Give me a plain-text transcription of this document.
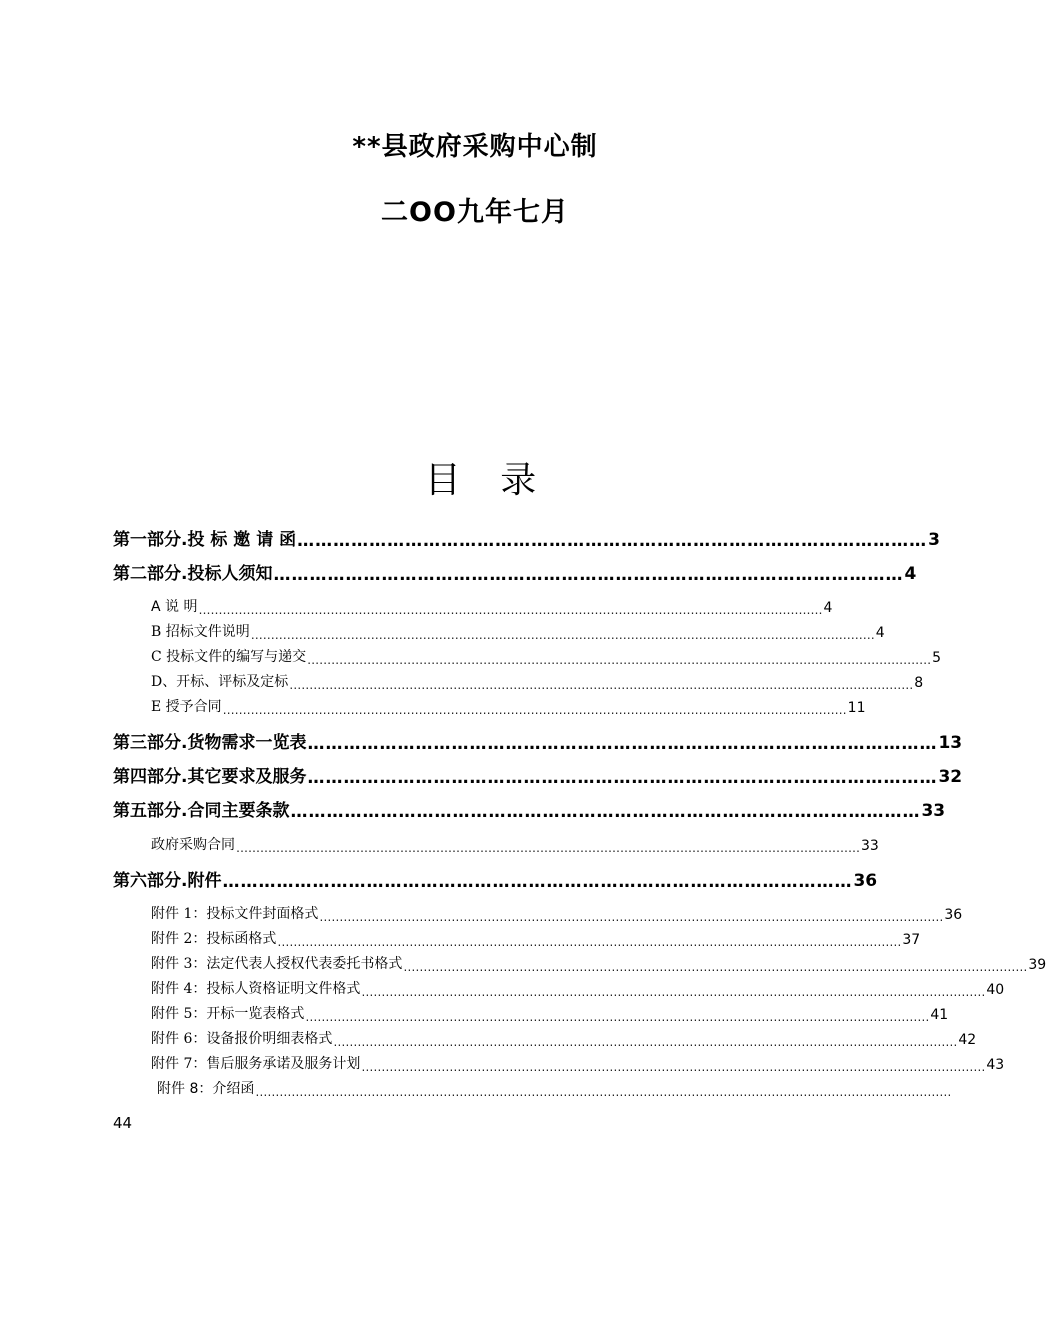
**县政府采购中心制
二OO九年七月
目 录
第一部分. 投 标 邀 请 函 …………………………………………………………………………………………… 3
第二部分. 投标人须知 …………………………………………………………………………………………… 4
A 说 明 ………………………………………………………………………………………………………………………………………… 4
B 招标文件说明 ………………………………………………………………………………………………………………………………………… 4
C 投标文件的编写与递交 ………………………………………………………………………………………………………………………………………… 5
D、开标、评标及定标 ………………………………………………………………………………………………………………………………………… 8
E 授予合同 ………………………………………………………………………………………………………………………………………… 11
第三部分. 货物需求一览表 …………………………………………………………………………………………… 13
第四部分. 其它要求及服务 …………………………………………………………………………………………… 32
第五部分. 合同主要条款 …………………………………………………………………………………………… 33
政府采购合同 ………………………………………………………………………………………………………………………………………… 33
第六部分. 附件 …………………………………………………………………………………………… 36
附件 1：投标文件封面格式 ………………………………………………………………………………………………………………………………………… 36
附件 2：投标函格式 ………………………………………………………………………………………………………………………………………… 37
附件 3：法定代表人授权代表委托书格式 ………………………………………………………………………………………………………………………………………… 39
附件 4：投标人资格证明文件格式 ………………………………………………………………………………………………………………………………………… 40
附件 5：开标一览表格式 ………………………………………………………………………………………………………………………………………… 41
附件 6：设备报价明细表格式 ………………………………………………………………………………………………………………………………………… 42
附件 7：售后服务承诺及服务计划 ………………………………………………………………………………………………………………………………………… 43
附件 8：介绍函 …………………………………………………………………………………………………………………………………………………………
44
